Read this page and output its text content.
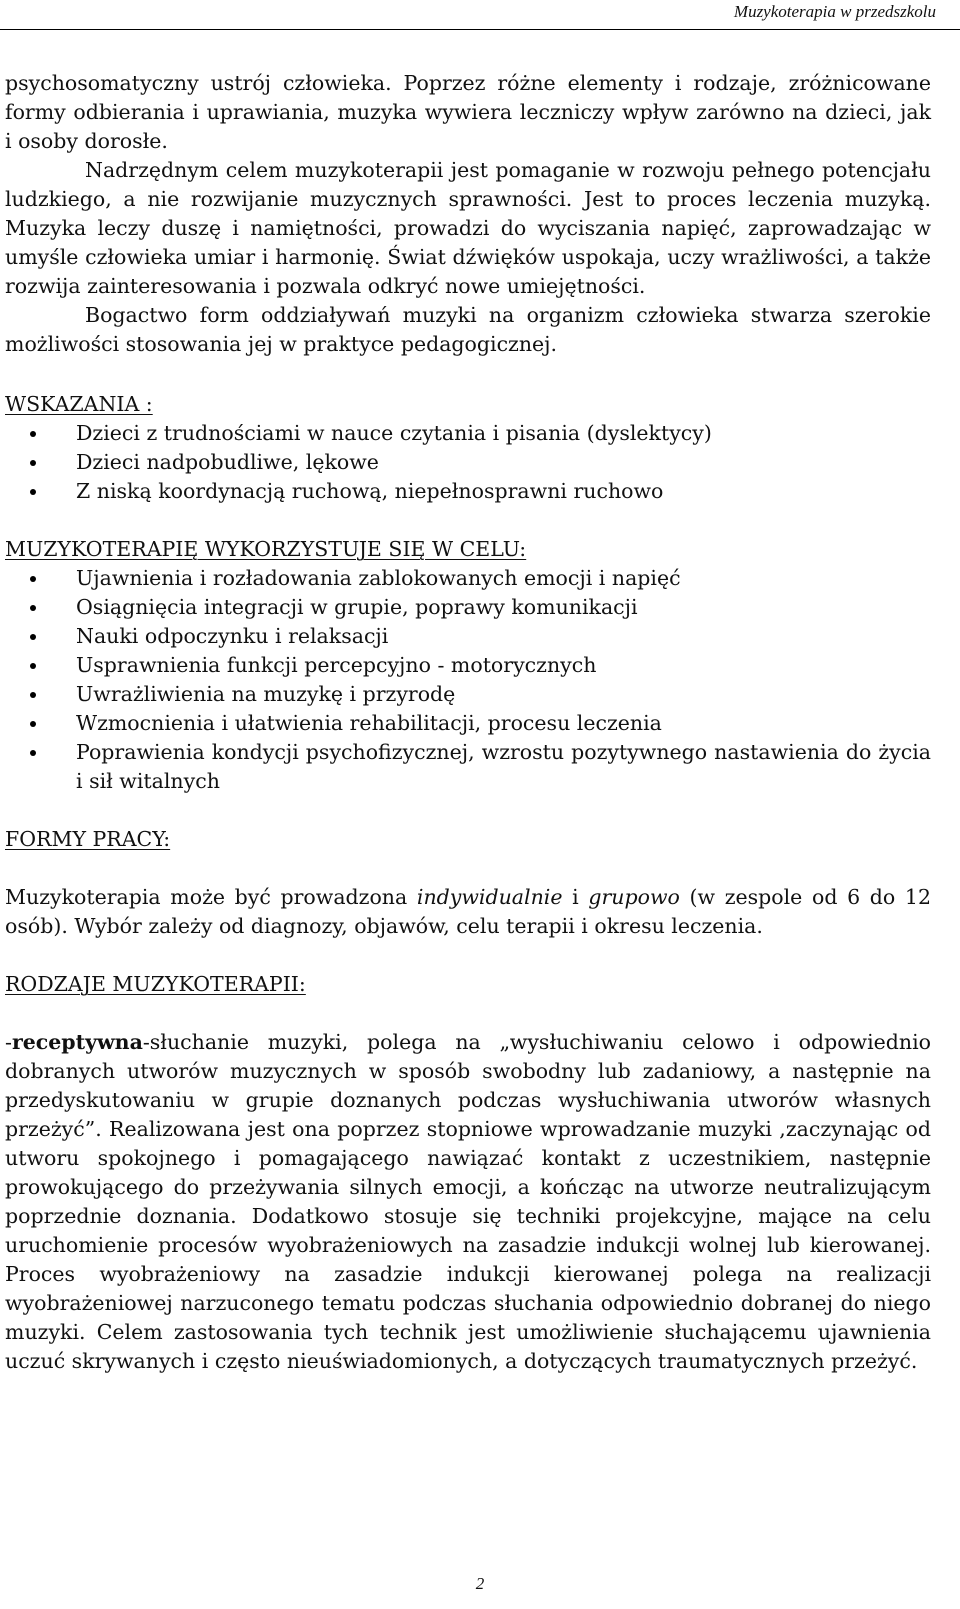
Muzykoterapia w przedszkolu

psychosomatyczny ustrój człowieka. Poprzez różne elementy i rodzaje, zróżnicowane formy odbierania i uprawiania, muzyka wywiera leczniczy wpływ zarówno na dzieci, jak i osoby dorosłe.

Nadrzędnym celem muzykoterapii jest pomaganie w rozwoju pełnego potencjału ludzkiego, a nie rozwijanie muzycznych sprawności. Jest to proces leczenia muzyką. Muzyka leczy duszę i namiętności, prowadzi do wyciszania napięć, zaprowadzając w umyśle człowieka umiar i harmonię. Świat dźwięków uspokaja, uczy wrażliwości, a także rozwija zainteresowania i pozwala odkryć nowe umiejętności.

Bogactwo form oddziaływań muzyki na organizm człowieka stwarza szerokie możliwości stosowania jej w praktyce pedagogicznej.

WSKAZANIA :

Dzieci z trudnościami w nauce czytania i pisania (dyslektycy)
Dzieci nadpobudliwe, lękowe
Z niską koordynacją ruchową, niepełnosprawni ruchowo

MUZYKOTERAPIĘ WYKORZYSTUJE SIĘ W CELU:

Ujawnienia i rozładowania zablokowanych emocji i napięć
Osiągnięcia integracji w grupie, poprawy komunikacji
Nauki odpoczynku i relaksacji
Usprawnienia funkcji percepcyjno - motorycznych
Uwrażliwienia na muzykę i przyrodę
Wzmocnienia i ułatwienia rehabilitacji, procesu leczenia
Poprawienia kondycji psychofizycznej, wzrostu pozytywnego nastawienia do życia i sił witalnych

FORMY PRACY:

Muzykoterapia może być prowadzona indywidualnie i grupowo (w zespole od 6 do 12 osób). Wybór zależy od diagnozy, objawów, celu terapii i okresu leczenia.

RODZAJE MUZYKOTERAPII:

-receptywna-słuchanie muzyki, polega na „wysłuchiwaniu celowo i odpowiednio dobranych utworów muzycznych w sposób swobodny lub zadaniowy, a następnie na przedyskutowaniu w grupie doznanych podczas wysłuchiwania utworów własnych przeżyć”. Realizowana jest ona poprzez stopniowe wprowadzanie muzyki ,zaczynając od utworu spokojnego i pomagającego nawiązać kontakt z uczestnikiem, następnie prowokującego do przeżywania silnych emocji, a kończąc na utworze neutralizującym poprzednie doznania. Dodatkowo stosuje się techniki projekcyjne, mające na celu uruchomienie procesów wyobrażeniowych na zasadzie indukcji wolnej lub kierowanej. Proces wyobrażeniowy na zasadzie indukcji kierowanej polega na realizacji wyobrażeniowej narzuconego tematu podczas słuchania odpowiednio dobranej do niego muzyki. Celem zastosowania tych technik jest umożliwienie słuchającemu ujawnienia uczuć skrywanych i często nieuświadomionych, a dotyczących traumatycznych przeżyć.

2
